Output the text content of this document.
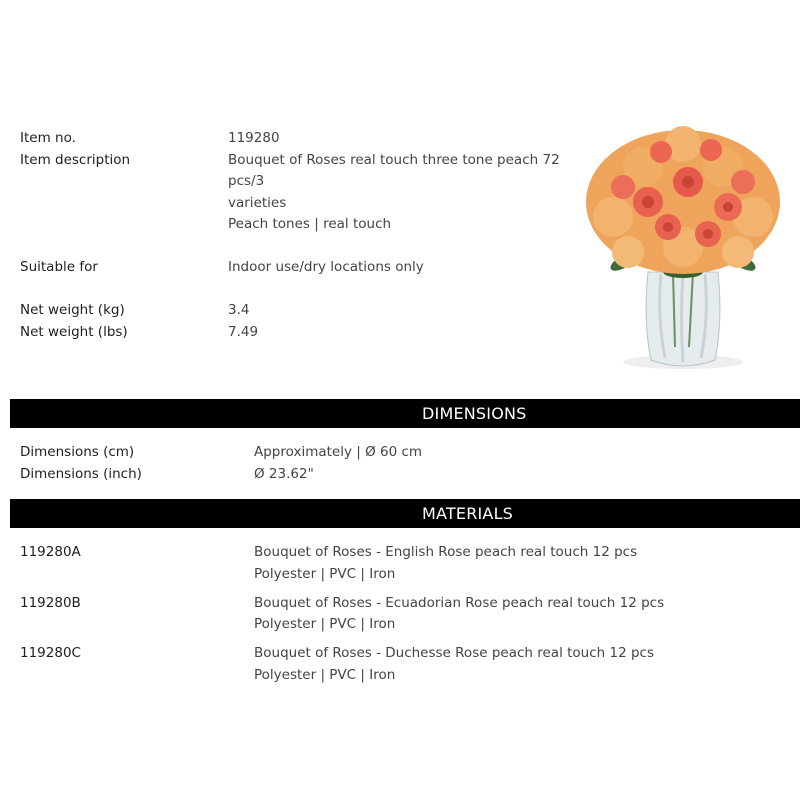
Item no.	119280
Item description	Bouquet of Roses real touch three tone peach 72 pcs/3
varieties
Peach tones | real touch
Suitable for	Indoor use/dry locations only
Net weight (kg)	3.4
Net weight (lbs)	7.49
DIMENSIONS
Dimensions (cm)	Approximately | Ø 60 cm
Dimensions (inch)	Ø 23.62"
MATERIALS
119280A	Bouquet of Roses - English Rose peach real touch 12 pcs
Polyester | PVC | Iron
119280B	Bouquet of Roses - Ecuadorian Rose peach real touch 12 pcs
Polyester | PVC | Iron
119280C	Bouquet of Roses - Duchesse Rose peach real touch 12 pcs
Polyester | PVC | Iron
